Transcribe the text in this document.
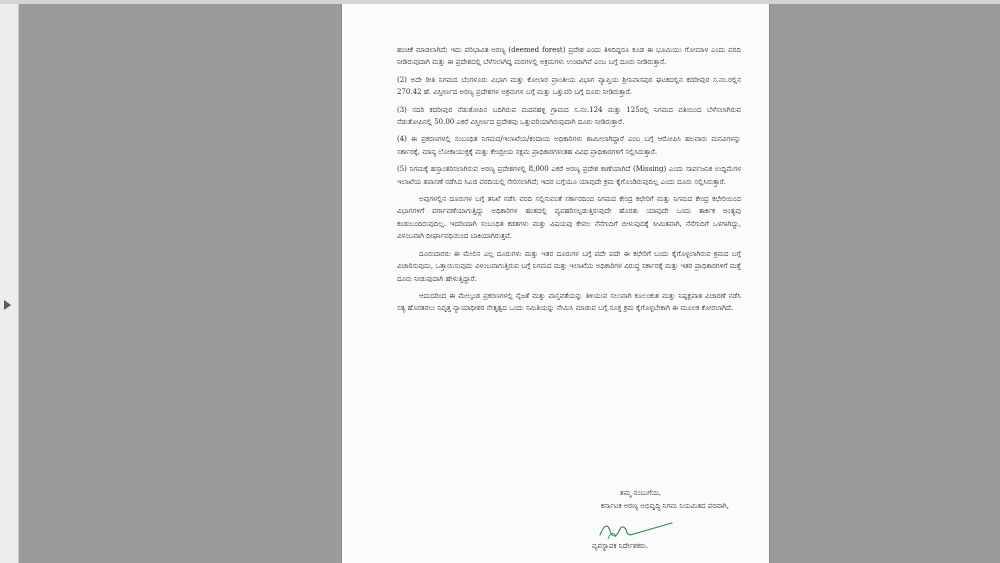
ಹಂಚಿಕೆ ಮಾಡಲಾಗಿದೆ; ಇದು ಪರಿಭಾವಿತ ಅರಣ್ಯ (deemed forest) ಪ್ರದೇಶ ಎಂದು ತಿಳಿದಿದ್ದರೂ ಕೂಡ ಈ ಭೂಮಿಯು ಗೋಮಾಳ ಎಂದು ವರದಿ ನೀಡಿರುವುದಾಗಿ ಮತ್ತು ಈ ಪ್ರದೇಶದಲ್ಲಿ ಬೆಳೆಸಲಾಗಿದ್ದ ಮರಗಳಲ್ಲಿ ಅಕ್ರಮಗಳು ಉಂಟಾಗಿವೆ ಎಂಬ ಬಗ್ಗೆ ದೂರು ನೀಡಿರುತ್ತಾರೆ.

(2) ಅದೇ ರೀತಿ ನಿಗಮದ ಬೆಂಗಳೂರು ವಿಭಾಗ ಮತ್ತು ಕೋಲಾರ ಪ್ರಾಂತೀಯ ವಿಭಾಗ ವ್ಯಾಪ್ತಿಯ ಶ್ರೀನಿವಾಸಪುರ ಘಟಕದಲ್ಲಿನ ಕದರೀಪುರ ಸ.ನಂ.ರಲ್ಲಿನ 270.42 ಹೆ. ವಿಸ್ತೀರ್ಣದ ಅರಣ್ಯ ಪ್ರದೇಶಗಳ ಅಕ್ರಮಗಳ ಬಗ್ಗೆ ಮತ್ತು ಒತ್ತುವರಿ ಬಗ್ಗೆ ದೂರು ನೀಡಿರುತ್ತಾರೆ.

(3) ಸದರಿ ಕದರೀಪುರ ನೆಡುತೋಪಿನ ಬದಿಗಿರುವ ಮದನಹಳ್ಳಿ ಗ್ರಾಮದ ಸ.ನಂ.124 ಮತ್ತು 125ರಲ್ಲಿ ನಿಗಮದ ವತಿಯಿಂದ ಬೆಳೆಸಲಾಗಿರುವ ನೆಡುತೋಪಿನಲ್ಲಿ 50.00 ಎಕರೆ ವಿಸ್ತೀರ್ಣದ ಪ್ರದೇಶವು ಒತ್ತುವರಿಯಾಗಿರುವುದಾಗಿ ದೂರು ನೀಡಿರುತ್ತಾರೆ.

(4) ಈ ಪ್ರಕರಣಗಳಲ್ಲಿ ಸಂಬಂಧಿತ ನಿಗಮದ/ಇಲಾಖೆಯ/ಕಂದಾಯ ಅಧಿಕಾರಿಗಳು ಶಾಮೀಲಾಗಿದ್ದಾರೆ ಎಂಬ ಬಗ್ಗೆ ಆರೋಪಿಸಿ ಹಲವಾರು ಮನವಿಗಳನ್ನು ಸರ್ಕಾರಕ್ಕೆ, ಮಾನ್ಯ ಲೋಕಾಯುಕ್ತಕ್ಕೆ ಮತ್ತು ಕೇಂದ್ರೀಯ ಸಕ್ಷಮ ಪ್ರಾಧಿಕಾರಗಳಂತಹ ವಿವಿಧ ಪ್ರಾಧಿಕಾರಗಳಿಗೆ ಸಲ್ಲಿಸಿರುತ್ತಾರೆ.

(5) ನಿಗಮಕ್ಕೆ ಹಸ್ತಾಂತರಿಸಲಾಗಿರುವ ಅರಣ್ಯ ಪ್ರದೇಶಗಳಲ್ಲಿ 8,000 ಎಕರೆ ಅರಣ್ಯ ಪ್ರದೇಶ ಕಾಣೆಯಾಗಿದೆ (Missing) ಎಂದು ಸಾರ್ವಜನಿಕ ಉದ್ದಿಮೆಗಳ ಇಲಾಖೆಯ ತಪಾಸಣೆ ನಡೆಸಿದ ಸಿಎಜಿ ವರದಿಯಲ್ಲಿ ಸೇರಿಸಲಾಗಿದೆ; ಇದರ ಬಗ್ಗೆಯೂ ಯಾವುದೇ ಕ್ರಮ ಕೈಗೊಂಡಿರುವುದಿಲ್ಲ ಎಂದು ದೂರು ಸಲ್ಲಿಸಿರುತ್ತಾರೆ.

ಅವುಗಳಲ್ಲಿನ ದೂರುಗಳ ಬಗ್ಗೆ ತನಿಖೆ ನಡೆಸಿ ವರದಿ ಸಲ್ಲಿಸುವಂತೆ ಸರ್ಕಾರದಿಂದ ನಿಗಮದ ಕೇಂದ್ರ ಕಛೇರಿಗೆ ಮತ್ತು ನಿಗಮದ ಕೇಂದ್ರ ಕಛೇರಿಯಿಂದ ವಿಭಾಗಗಳಿಗೆ ವರ್ಗಾವಣೆಯಾಗುತ್ತಿದ್ದು ಅಧಿಕಾರಿಗಳ ಹಂತದಲ್ಲಿ ವ್ಯವಹರಿಸಲ್ಪಡುತ್ತಿರುವುದೇ ಹೊರತು ಯಾವುದೇ ಒಂದು ತಾರ್ಕಿಕ ಅಂತ್ಯವು ಕಂಡುಬಂದಿರುವುದಿಲ್ಲ. ಇದರಿಂದಾಗಿ ಸಂಬಂಧಿತ ಕಡತಗಳು ಮತ್ತು ವಿಷಯವು ಕೇವಲ ನೆನೆಗುದಿಗೆ ಬೀಳುವುದಕ್ಕೆ ಸೀಮಿತವಾಗಿ, ನೆನೆಗುದಿಗೆ ಒಳಗಾಗಿದ್ದು, ವಿಳಂಬವಾಗಿ ದೀರ್ಘಾವಧಿಯಿಂದ ಬಾಕಿಯಾಗಿರುತ್ತವೆ.

ದೂರುದಾರರು ಈ ಮೇಲಿನ ಎಲ್ಲ ದೂರುಗಳು ಮತ್ತು ಇತರ ದೂರುಗಳ ಬಗ್ಗೆ ಪದೇ ಪದೇ ಈ ಕಛೇರಿಗೆ ಬಂದು ಕೈಗೊಳ್ಳಲಾಗಿರುವ ಕ್ರಮದ ಬಗ್ಗೆ ವಿಚಾರಿಸುವುದು, ಒತ್ತಾಯಿಸುವುದು ವಿಳಂಬವಾಗುತ್ತಿರುವ ಬಗ್ಗೆ ನಿಗಮದ ಮತ್ತು ಇಲಾಖೆಯ ಅಧಿಕಾರಿಗಳ ವಿರುದ್ಧ ಸರ್ಕಾರಕ್ಕೆ ಮತ್ತು ಇತರ ಪ್ರಾಧಿಕಾರಗಳಿಗೆ ಮತ್ತೆ ದೂರು ನೀಡುವುದಾಗಿ ಹೇಳುತ್ತಿದ್ದಾರೆ.

ಆದುದರಿಂದ ಈ ಮೇಲ್ಕಂಡ ಪ್ರಕರಣಗಳಲ್ಲಿ ನೈಜತೆ ಮತ್ತು ವಾಸ್ತವತೆಯನ್ನು ತಿಳಿಯುವ ಸಲುವಾಗಿ ಕೂಲಂಕುಶ ಮತ್ತು ನಿಷ್ಪಕ್ಷಪಾತ ವಿಚಾರಣೆ ನಡೆಸಿ ಸತ್ಯ ಹೊರತರಲು ನಿವೃತ್ತ ನ್ಯಾಯಾಧೀಶರ ನೇತೃತ್ವದ ಒಂದು ಸಮಿತಿಯನ್ನು ನೇಮಿಸಿ ಮಾಡುವ ಬಗ್ಗೆ ಸೂಕ್ತ ಕ್ರಮ ಕೈಗೊಳ್ಳಬೇಕಾಗಿ ಈ ಮೂಲಕ ಕೋರಲಾಗಿದೆ.

ತಮ್ಮ ನಂಬುಗೆಯ,
ಕರ್ನಾಟಕ ಅರಣ್ಯ ಅಭಿವೃದ್ಧಿ ನಿಗಮ ನಿಯಮಿತದ ಪರವಾಗಿ,
ವ್ಯವಸ್ಥಾಪಕ ನಿರ್ದೇಶಕರು.
